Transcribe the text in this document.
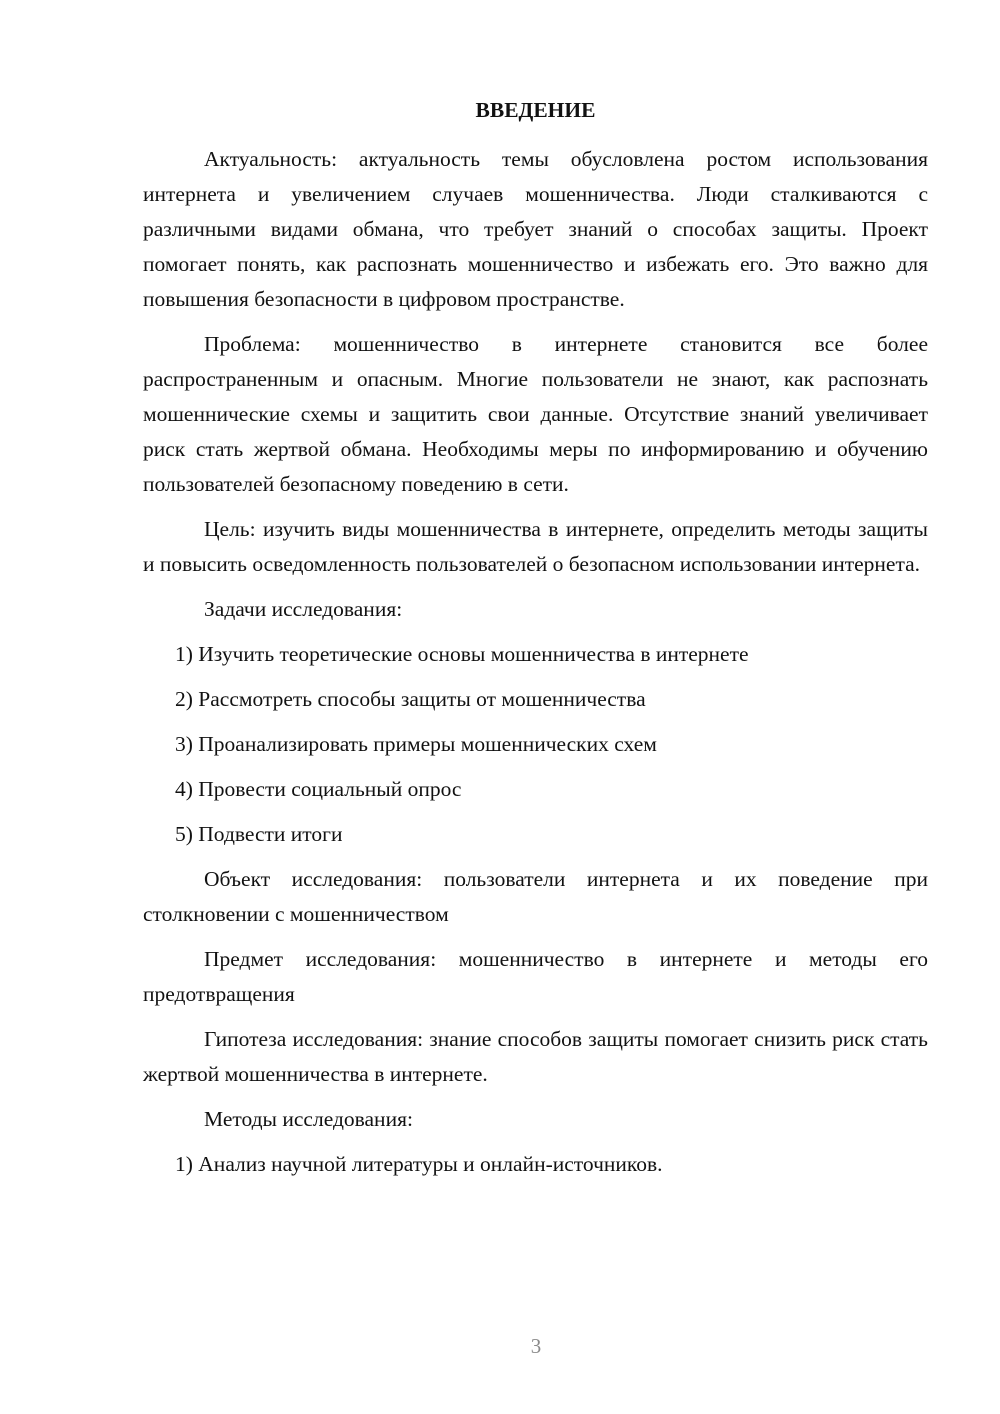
ВВЕДЕНИЕ

Актуальность: актуальность темы обусловлена ростом использования интернета и увеличением случаев мошенничества. Люди сталкиваются с различными видами обмана, что требует знаний о способах защиты. Проект помогает понять, как распознать мошенничество и избежать его. Это важно для повышения безопасности в цифровом пространстве.

Проблема: мошенничество в интернете становится все более распространенным и опасным. Многие пользователи не знают, как распознать мошеннические схемы и защитить свои данные. Отсутствие знаний увеличивает риск стать жертвой обмана. Необходимы меры по информированию и обучению пользователей безопасному поведению в сети.

Цель: изучить виды мошенничества в интернете, определить методы защиты и повысить осведомленность пользователей о безопасном использовании интернета.

Задачи исследования:

1) Изучить теоретические основы мошенничества в интернете

2) Рассмотреть способы защиты от мошенничества

3) Проанализировать примеры мошеннических схем

4) Провести социальный опрос

5) Подвести итоги

Объект исследования: пользователи интернета и их поведение при столкновении с мошенничеством

Предмет исследования: мошенничество в интернете и методы его предотвращения

Гипотеза исследования: знание способов защиты помогает снизить риск стать жертвой мошенничества в интернете.

Методы исследования:

1) Анализ научной литературы и онлайн-источников.

3
